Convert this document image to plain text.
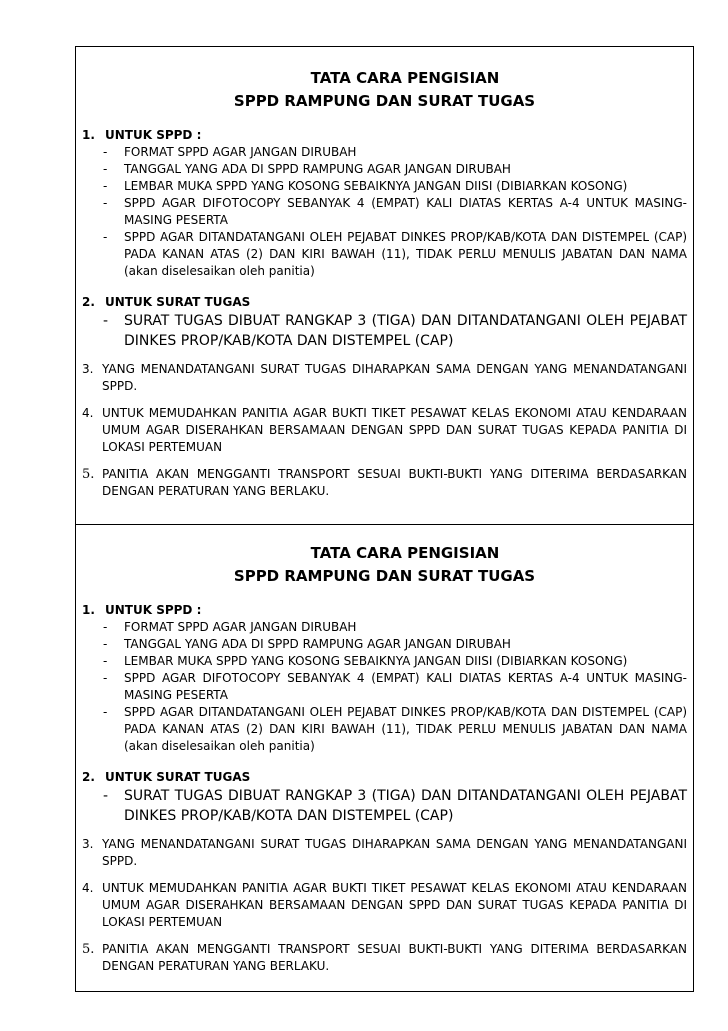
TATA CARA PENGISIAN
SPPD RAMPUNG DAN SURAT TUGAS
1. UNTUK SPPD :
- FORMAT SPPD AGAR JANGAN DIRUBAH
- TANGGAL YANG ADA DI SPPD RAMPUNG AGAR JANGAN DIRUBAH
- LEMBAR MUKA SPPD YANG KOSONG SEBAIKNYA JANGAN DIISI (DIBIARKAN KOSONG)
- SPPD AGAR DIFOTOCOPY SEBANYAK 4 (EMPAT) KALI DIATAS KERTAS A-4 UNTUK MASING-MASING PESERTA
- SPPD AGAR DITANDATANGANI OLEH PEJABAT DINKES PROP/KAB/KOTA DAN DISTEMPEL (CAP) PADA KANAN ATAS (2) DAN KIRI BAWAH (11), TIDAK PERLU MENULIS JABATAN DAN NAMA (akan diselesaikan oleh panitia)
2. UNTUK SURAT TUGAS
- SURAT TUGAS DIBUAT RANGKAP 3 (TIGA) DAN DITANDATANGANI OLEH PEJABAT DINKES PROP/KAB/KOTA DAN DISTEMPEL (CAP)
3. YANG MENANDATANGANI SURAT TUGAS DIHARAPKAN SAMA DENGAN YANG MENANDATANGANI SPPD.
4. UNTUK MEMUDAHKAN PANITIA AGAR BUKTI TIKET PESAWAT KELAS EKONOMI ATAU KENDARAAN UMUM AGAR DISERAHKAN BERSAMAAN DENGAN SPPD DAN SURAT TUGAS KEPADA PANITIA DI LOKASI PERTEMUAN
5. PANITIA AKAN MENGGANTI TRANSPORT SESUAI BUKTI-BUKTI YANG DITERIMA BERDASARKAN DENGAN PERATURAN YANG BERLAKU.
TATA CARA PENGISIAN
SPPD RAMPUNG DAN SURAT TUGAS
1. UNTUK SPPD :
- FORMAT SPPD AGAR JANGAN DIRUBAH
- TANGGAL YANG ADA DI SPPD RAMPUNG AGAR JANGAN DIRUBAH
- LEMBAR MUKA SPPD YANG KOSONG SEBAIKNYA JANGAN DIISI (DIBIARKAN KOSONG)
- SPPD AGAR DIFOTOCOPY SEBANYAK 4 (EMPAT) KALI DIATAS KERTAS A-4 UNTUK MASING-MASING PESERTA
- SPPD AGAR DITANDATANGANI OLEH PEJABAT DINKES PROP/KAB/KOTA DAN DISTEMPEL (CAP) PADA KANAN ATAS (2) DAN KIRI BAWAH (11), TIDAK PERLU MENULIS JABATAN DAN NAMA (akan diselesaikan oleh panitia)
2. UNTUK SURAT TUGAS
- SURAT TUGAS DIBUAT RANGKAP 3 (TIGA) DAN DITANDATANGANI OLEH PEJABAT DINKES PROP/KAB/KOTA DAN DISTEMPEL (CAP)
3. YANG MENANDATANGANI SURAT TUGAS DIHARAPKAN SAMA DENGAN YANG MENANDATANGANI SPPD.
4. UNTUK MEMUDAHKAN PANITIA AGAR BUKTI TIKET PESAWAT KELAS EKONOMI ATAU KENDARAAN UMUM AGAR DISERAHKAN BERSAMAAN DENGAN SPPD DAN SURAT TUGAS KEPADA PANITIA DI LOKASI PERTEMUAN
5. PANITIA AKAN MENGGANTI TRANSPORT SESUAI BUKTI-BUKTI YANG DITERIMA BERDASARKAN DENGAN PERATURAN YANG BERLAKU.
